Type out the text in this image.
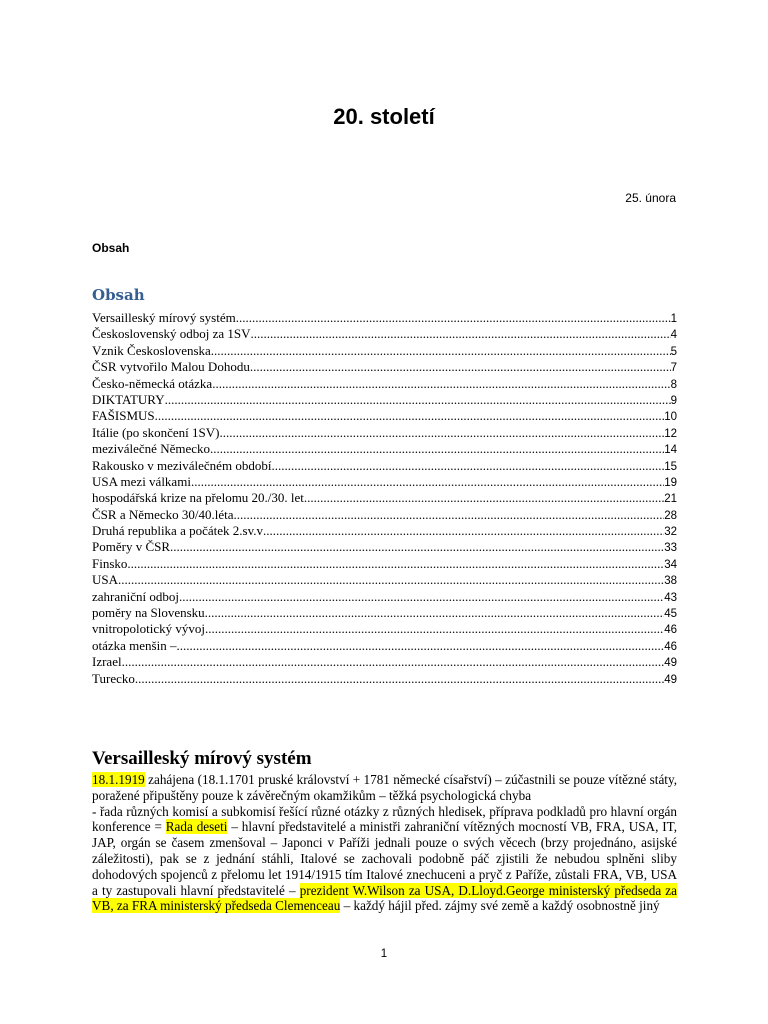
20. století
25. února
Obsah
Obsah
Versailleský mírový systém .....	1
Československý odboj za 1SV .....	4
Vznik Československa .....	5
ČSR vytvořilo Malou Dohodu .....	7
Česko-německá otázka .....	8
DIKTATURY .....	9
FAŠISMUS .....	10
Itálie (po skončení 1SV) .....	12
meziválečné Německo .....	14
Rakousko v meziválečném období .....	15
USA mezi válkami .....	19
hospodářská krize na přelomu 20./30. let .....	21
ČSR a Německo 30/40.léta .....	28
Druhá republika a počátek 2.sv.v .....	32
Poměry v ČSR .....	33
Finsko .....	34
USA .....	38
zahraniční odboj .....	43
poměry na Slovensku .....	45
vnitropolotický vývoj .....	46
otázka menšin – .....	46
Izrael .....	49
Turecko .....	49
Versailleský mírový systém

18.1.1919 zahájena (18.1.1701 pruské království + 1781 německé císařství) – zúčastnili se pouze vítězné státy, poražené připuštěny pouze k závěrečným okamžikům – těžká psychologická chyba
- řada různých komisí a subkomisí řešící různé otázky z různých hledisek, příprava podkladů pro hlavní orgán konference = Rada deseti – hlavní představitelé a ministři zahraniční vítězných mocností VB, FRA, USA, IT, JAP, orgán se časem zmenšoval – Japonci v Paříži jednali pouze o svých věcech (brzy projednáno, asijské záležitosti), pak se z jednání stáhli, Italové se zachovali podobně páč zjistili že nebudou splněni sliby dohodových spojenců z přelomu let 1914/1915 tím Italové znechuceni a pryč z Paříže, zůstali FRA, VB, USA a ty zastupovali hlavní představitelé – prezident W.Wilson za USA, D.Lloyd.George ministerský předseda za VB, za FRA ministerský předseda Clemenceau – každý hájil před. zájmy své země a každý osobnostně jiný

1
